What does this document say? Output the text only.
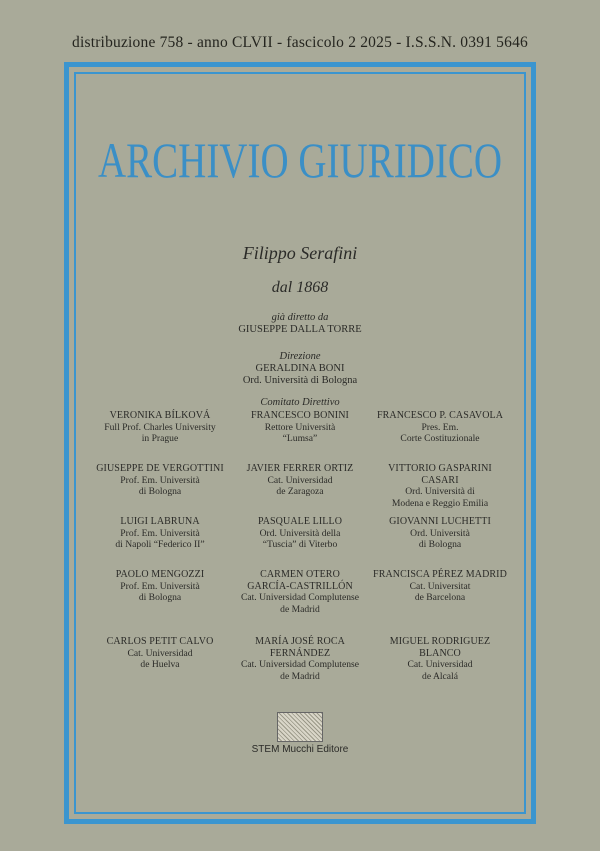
distribuzione 758 - anno CLVII - fascicolo 2 2025 - I.S.S.N. 0391 5646
ARCHIVIO GIURIDICO
Filippo Serafini
dal 1868
già diretto da
GIUSEPPE DALLA TORRE
Direzione
GERALDINA BONI
Ord. Università di Bologna
Comitato Direttivo
VERONIKA BÍLKOVÁ
Full Prof. Charles University
in Prague
FRANCESCO BONINI
Rettore Università
“Lumsa”
FRANCESCO P. CASAVOLA
Pres. Em.
Corte Costituzionale
GIUSEPPE DE VERGOTTINI
Prof. Em. Università
di Bologna
JAVIER FERRER ORTIZ
Cat. Universidad
de Zaragoza
VITTORIO GASPARINI CASARI
Ord. Università di
Modena e Reggio Emilia
LUIGI LABRUNA
Prof. Em. Università
di Napoli “Federico II”
PASQUALE LILLO
Ord. Università della
“Tuscia” di Viterbo
GIOVANNI LUCHETTI
Ord. Università
di Bologna
PAOLO MENGOZZI
Prof. Em. Università
di Bologna
CARMEN OTERO
GARCÍA-CASTRILLÓN
Cat. Universidad Complutense
de Madrid
FRANCISCA PÉREZ MADRID
Cat. Universitat
de Barcelona
CARLOS PETIT CALVO
Cat. Universidad
de Huelva
MARÍA JOSÉ ROCA FERNÁNDEZ
Cat. Universidad Complutense
de Madrid
MIGUEL RODRIGUEZ BLANCO
Cat. Universidad
de Alcalá
STEM Mucchi Editore
